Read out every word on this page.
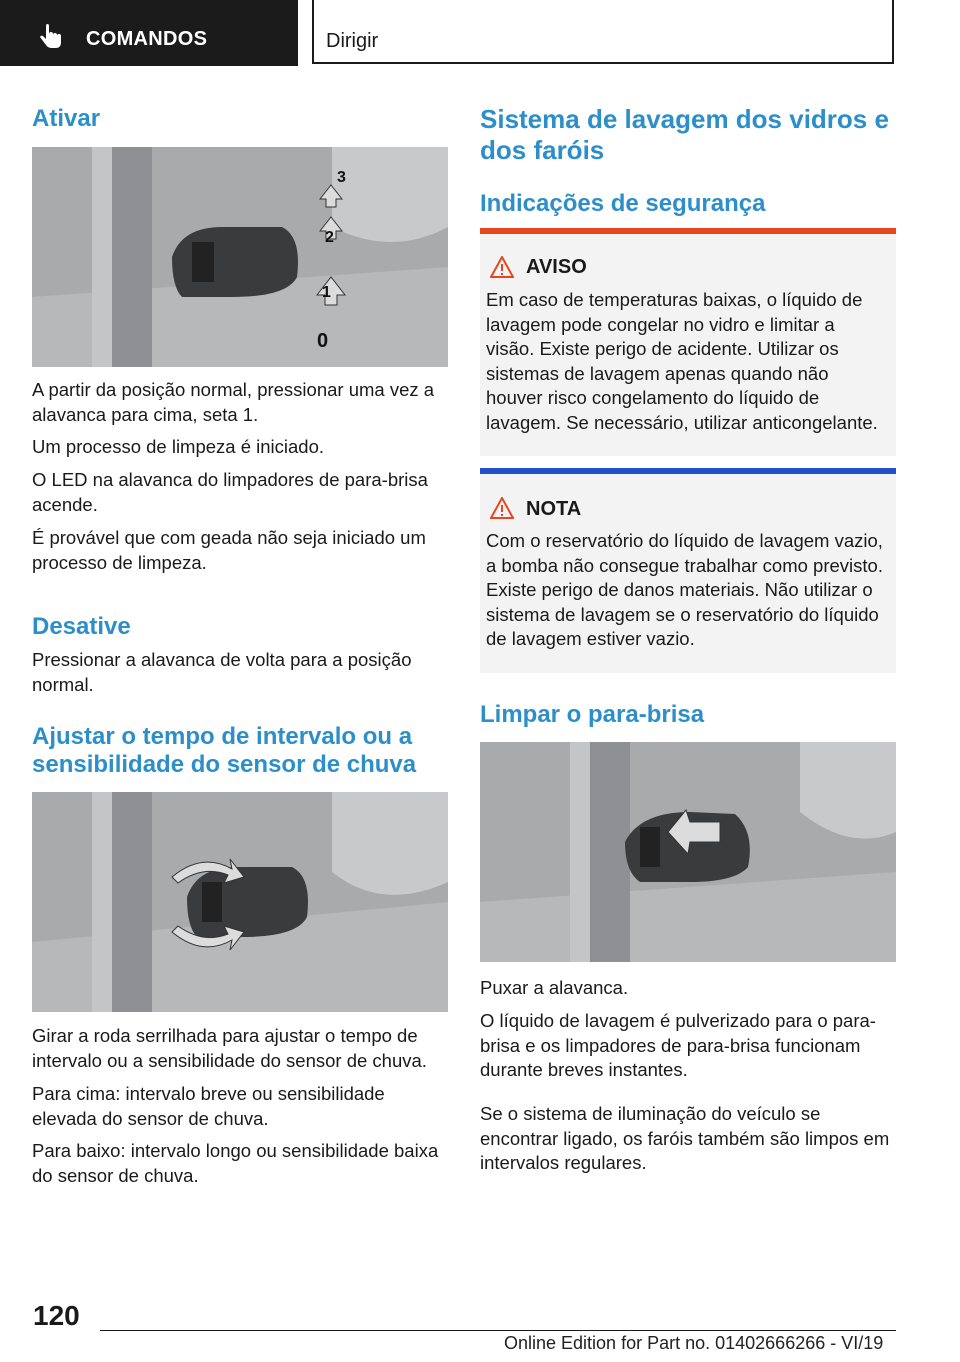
COMANDOS	Dirigir
Ativar
3
2
1
0

A partir da posição normal, pressionar uma vez a alavanca para cima, seta 1.

Um processo de limpeza é iniciado.

O LED na alavanca do limpadores de para-brisa acende.

É provável que com geada não seja iniciado um processo de limpeza.

Desative

Pressionar a alavanca de volta para a posição normal.

Ajustar o tempo de intervalo ou a sensibilidade do sensor de chuva

Girar a roda serrilhada para ajustar o tempo de intervalo ou a sensibilidade do sensor de chuva.

Para cima: intervalo breve ou sensibilidade elevada do sensor de chuva.

Para baixo: intervalo longo ou sensibilidade baixa do sensor de chuva.

Sistema de lavagem dos vidros e dos faróis
Indicações de segurança
AVISO

Em caso de temperaturas baixas, o líquido de lavagem pode congelar no vidro e limitar a visão. Existe perigo de acidente. Utilizar os sistemas de lavagem apenas quando não houver risco congelamento do líquido de lavagem. Se necessário, utilizar anticongelante.

NOTA

Com o reservatório do líquido de lavagem vazio, a bomba não consegue trabalhar como previsto. Existe perigo de danos materiais. Não utilizar o sistema de lavagem se o reservatório do líquido de lavagem estiver vazio.

Limpar o para-brisa

Puxar a alavanca.

O líquido de lavagem é pulverizado para o para-brisa e os limpadores de para-brisa funcionam durante breves instantes.

Se o sistema de iluminação do veículo se encontrar ligado, os faróis também são limpos em intervalos regulares.

120
Online Edition for Part no. 01402666266 - VI/19
